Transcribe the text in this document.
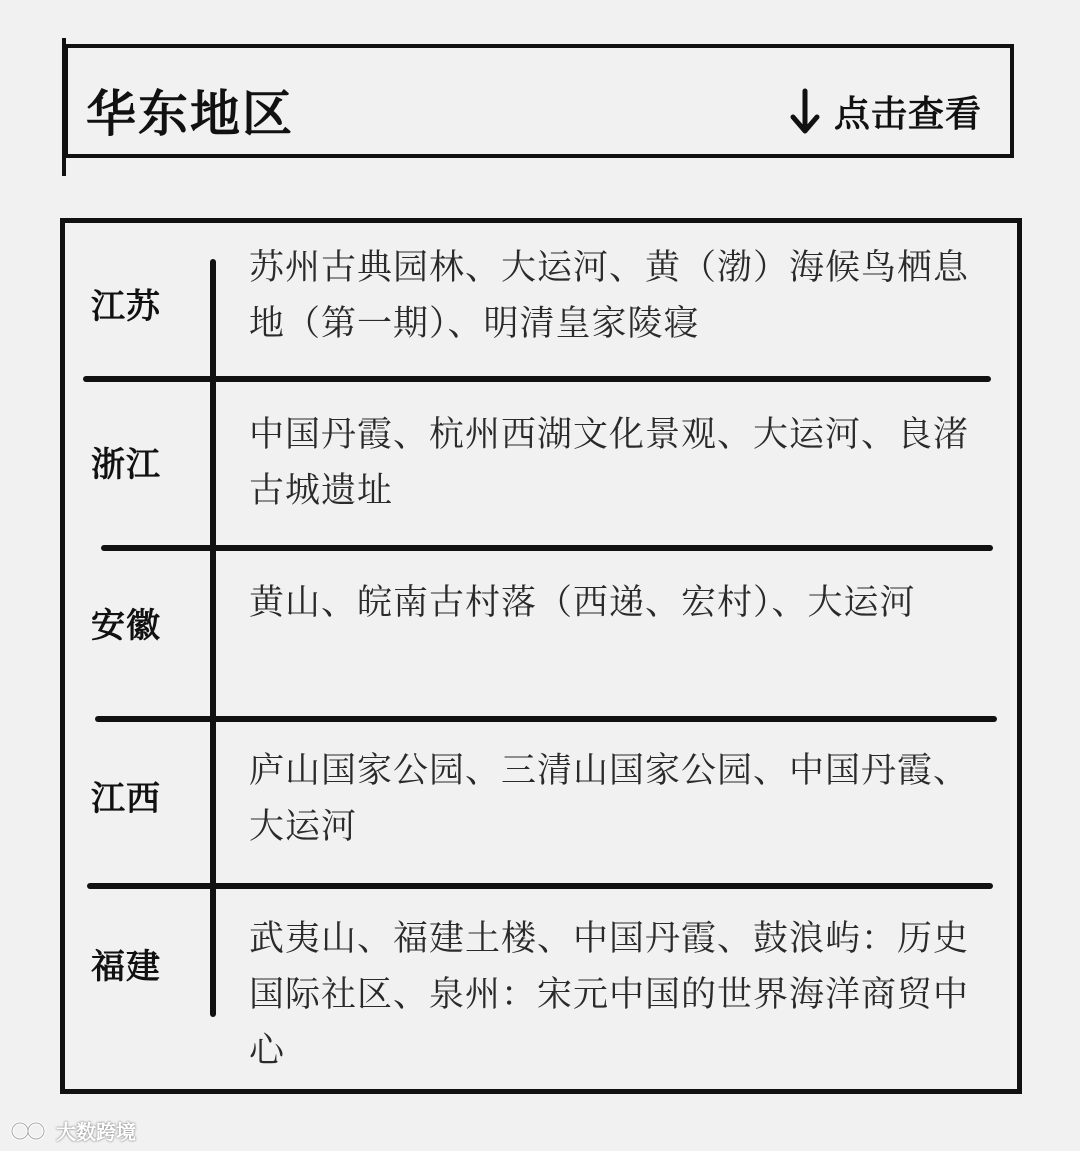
华东地区	点击查看
江苏
苏州古典园林、大运河、黄（渤）海候鸟栖息地（第一期）、明清皇家陵寝
浙江
中国丹霞、杭州西湖文化景观、大运河、良渚古城遗址
安徽
黄山、皖南古村落（西递、宏村）、大运河
江西
庐山国家公园、三清山国家公园、中国丹霞、大运河
福建
武夷山、福建土楼、中国丹霞、鼓浪屿：历史国际社区、泉州：宋元中国的世界海洋商贸中心
大数跨境
